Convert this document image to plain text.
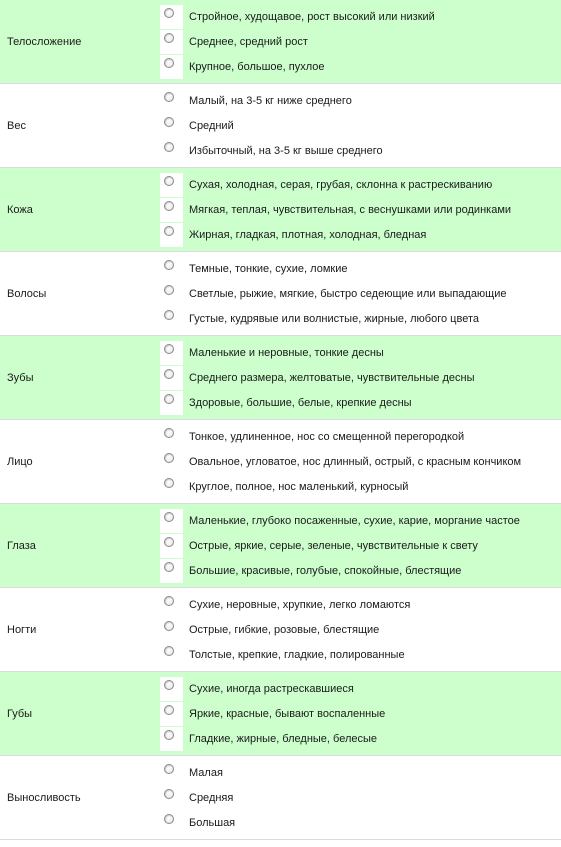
Телосложение
Стройное, худощавое, рост высокий или низкий
Среднее, средний рост
Крупное, большое, пухлое
Вес
Малый, на 3-5 кг ниже среднего
Средний
Избыточный, на 3-5 кг выше среднего
Кожа
Сухая, холодная, серая, грубая, склонна к растрескиванию
Мягкая, теплая, чувствительная, с веснушками или родинками
Жирная, гладкая, плотная, холодная, бледная
Волосы
Темные, тонкие, сухие, ломкие
Светлые, рыжие, мягкие, быстро седеющие или выпадающие
Густые, кудрявые или волнистые, жирные, любого цвета
Зубы
Маленькие и неровные, тонкие десны
Среднего размера, желтоватые, чувствительные десны
Здоровые, большие, белые, крепкие десны
Лицо
Тонкое, удлиненное, нос со смещенной перегородкой
Овальное, угловатое, нос длинный, острый, с красным кончиком
Круглое, полное, нос маленький, курносый
Глаза
Маленькие, глубоко посаженные, сухие, карие, моргание частое
Острые, яркие, серые, зеленые, чувствительные к свету
Большие, красивые, голубые, спокойные, блестящие
Ногти
Сухие, неровные, хрупкие, легко ломаются
Острые, гибкие, розовые, блестящие
Толстые, крепкие, гладкие, полированные
Губы
Сухие, иногда растрескавшиеся
Яркие, красные, бывают воспаленные
Гладкие, жирные, бледные, белесые
Выносливость
Малая
Средняя
Большая
